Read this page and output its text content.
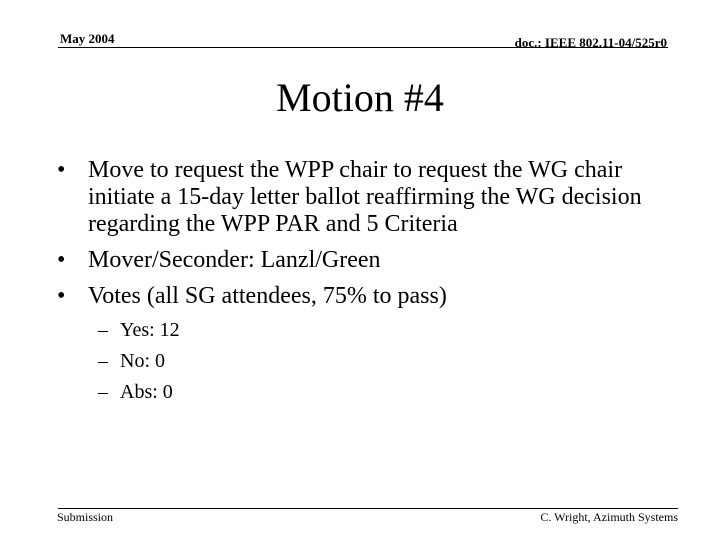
May 2004	doc.: IEEE 802.11-04/525r0
Motion #4
• Move to request the WPP chair to request the WG chair initiate a 15-day letter ballot reaffirming the WG decision regarding the WPP PAR and 5 Criteria
• Mover/Seconder: Lanzl/Green
• Votes (all SG attendees, 75% to pass)
– Yes: 12
– No: 0
– Abs: 0
Submission	C. Wright, Azimuth Systems
